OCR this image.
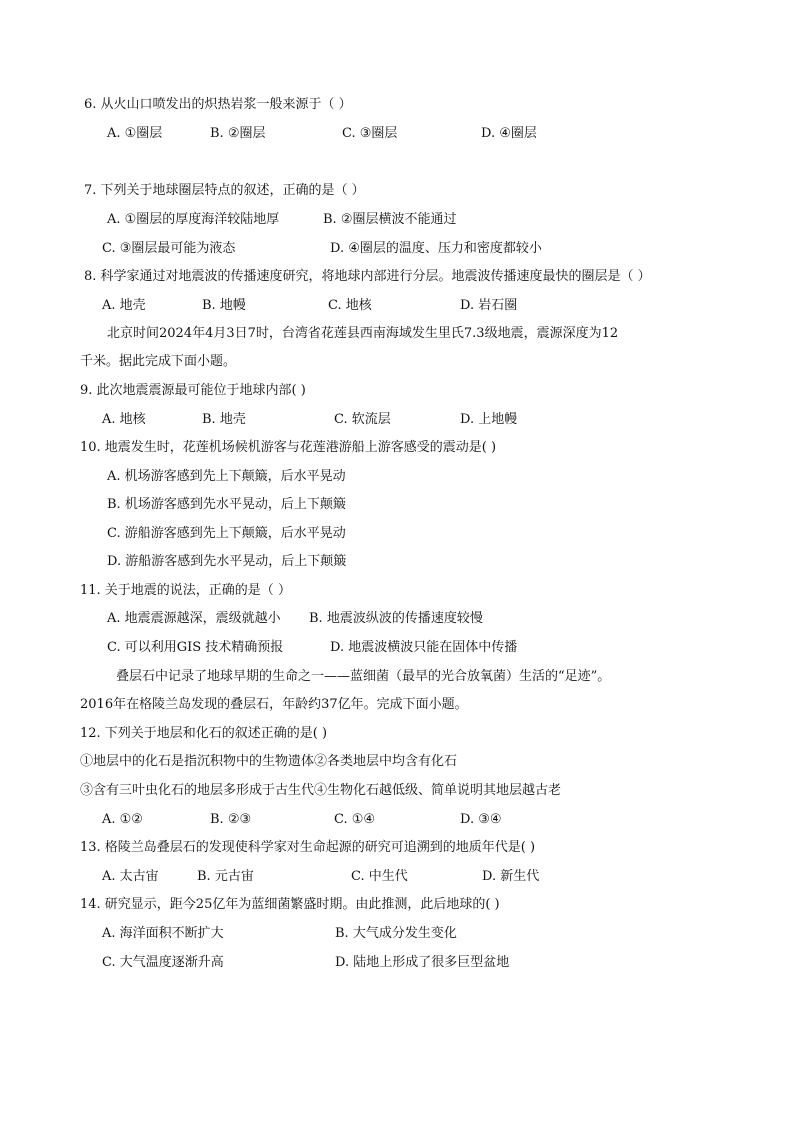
6. 从火山口喷发出的炽热岩浆一般来源于（ ）
A. ①圈层	B. ②圈层	C. ③圈层	D. ④圈层
7. 下列关于地球圈层特点的叙述，正确的是（ ）
A. ①圈层的厚度海洋较陆地厚	B. ②圈层横波不能通过
C. ③圈层最可能为液态	D. ④圈层的温度、压力和密度都较小
8. 科学家通过对地震波的传播速度研究，将地球内部进行分层。地震波传播速度最快的圈层是（ ）
A. 地壳	B. 地幔	C. 地核	D. 岩石圈
北京时间2024年4月3日7时，台湾省花莲县西南海域发生里氏7.3级地震，震源深度为12
千米。据此完成下面小题。
9. 此次地震震源最可能位于地球内部( )
A. 地核	B. 地壳	C. 软流层	D. 上地幔
10. 地震发生时，花莲机场候机游客与花莲港游船上游客感受的震动是( )
A. 机场游客感到先上下颠簸，后水平晃动
B. 机场游客感到先水平晃动，后上下颠簸
C. 游船游客感到先上下颠簸，后水平晃动
D. 游船游客感到先水平晃动，后上下颠簸
11. 关于地震的说法，正确的是（ ）
A. 地震震源越深，震级就越小 B. 地震波纵波的传播速度较慢
C. 可以利用GIS 技术精确预报	D. 地震波横波只能在固体中传播
叠层石中记录了地球早期的生命之一——蓝细菌（最早的光合放氧菌）生活的“足迹”。
2016年在格陵兰岛发现的叠层石，年龄约37亿年。完成下面小题。
12. 下列关于地层和化石的叙述正确的是( )
①地层中的化石是指沉积物中的生物遗体②各类地层中均含有化石
③含有三叶虫化石的地层多形成于古生代④生物化石越低级、简单说明其地层越古老
A. ①②	B. ②③	C. ①④	D. ③④
13. 格陵兰岛叠层石的发现使科学家对生命起源的研究可追溯到的地质年代是( )
A. 太古宙	B. 元古宙	C. 中生代	D. 新生代
14. 研究显示，距今25亿年为蓝细菌繁盛时期。由此推测，此后地球的( )
A. 海洋面积不断扩大	B. 大气成分发生变化
C. 大气温度逐渐升高	D. 陆地上形成了很多巨型盆地
